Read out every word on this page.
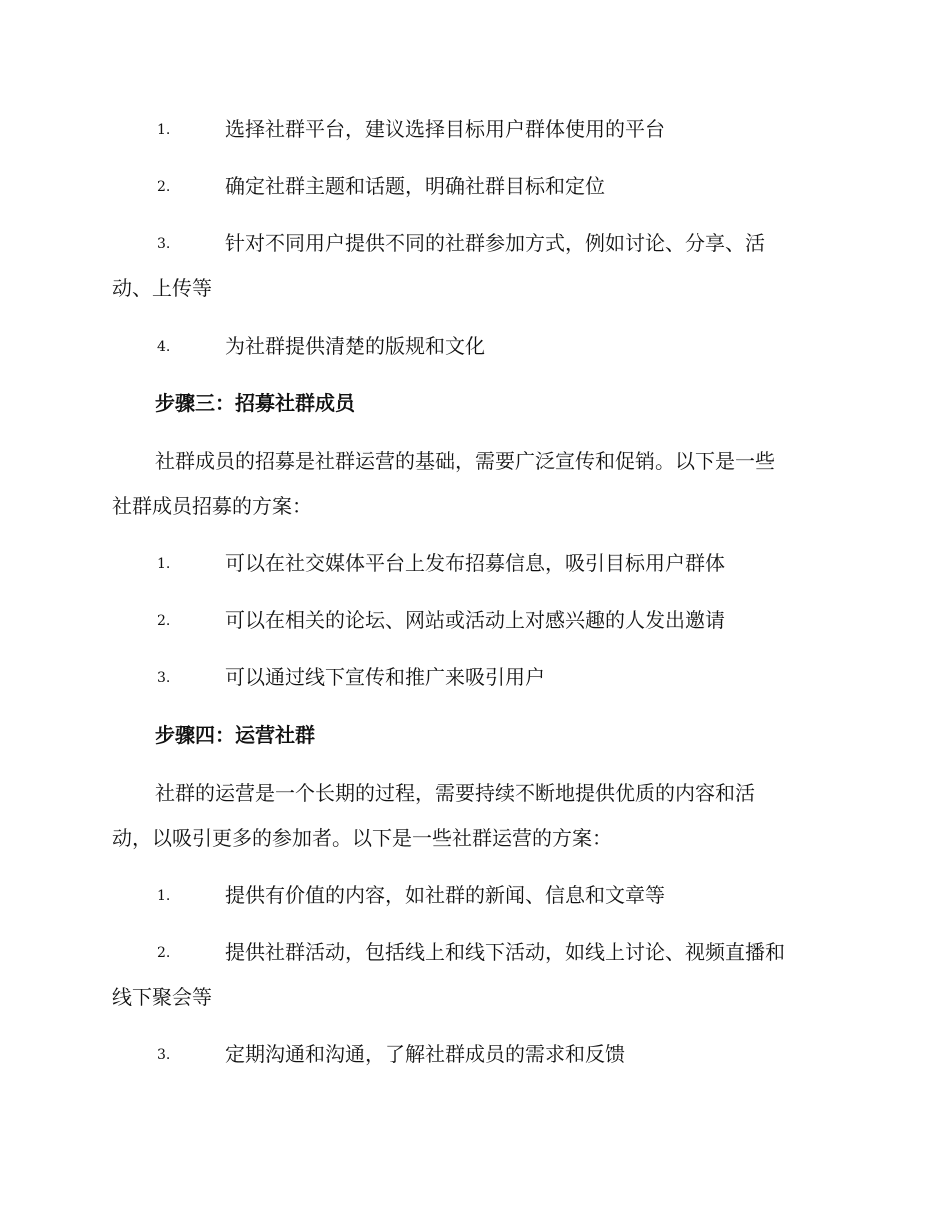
1.	选择社群平台，建议选择目标用户群体使用的平台
2.	确定社群主题和话题，明确社群目标和定位
3.	针对不同用户提供不同的社群参加方式，例如讨论、分享、活
动、上传等
4.	为社群提供清楚的版规和文化
步骤三：招募社群成员
社群成员的招募是社群运营的基础，需要广泛宣传和促销。以下是一些
社群成员招募的方案：
1.	可以在社交媒体平台上发布招募信息，吸引目标用户群体
2.	可以在相关的论坛、网站或活动上对感兴趣的人发出邀请
3.	可以通过线下宣传和推广来吸引用户
步骤四：运营社群
社群的运营是一个长期的过程，需要持续不断地提供优质的内容和活
动，以吸引更多的参加者。以下是一些社群运营的方案：
1.	提供有价值的内容，如社群的新闻、信息和文章等
2.	提供社群活动，包括线上和线下活动，如线上讨论、视频直播和
线下聚会等
3.	定期沟通和沟通，了解社群成员的需求和反馈
